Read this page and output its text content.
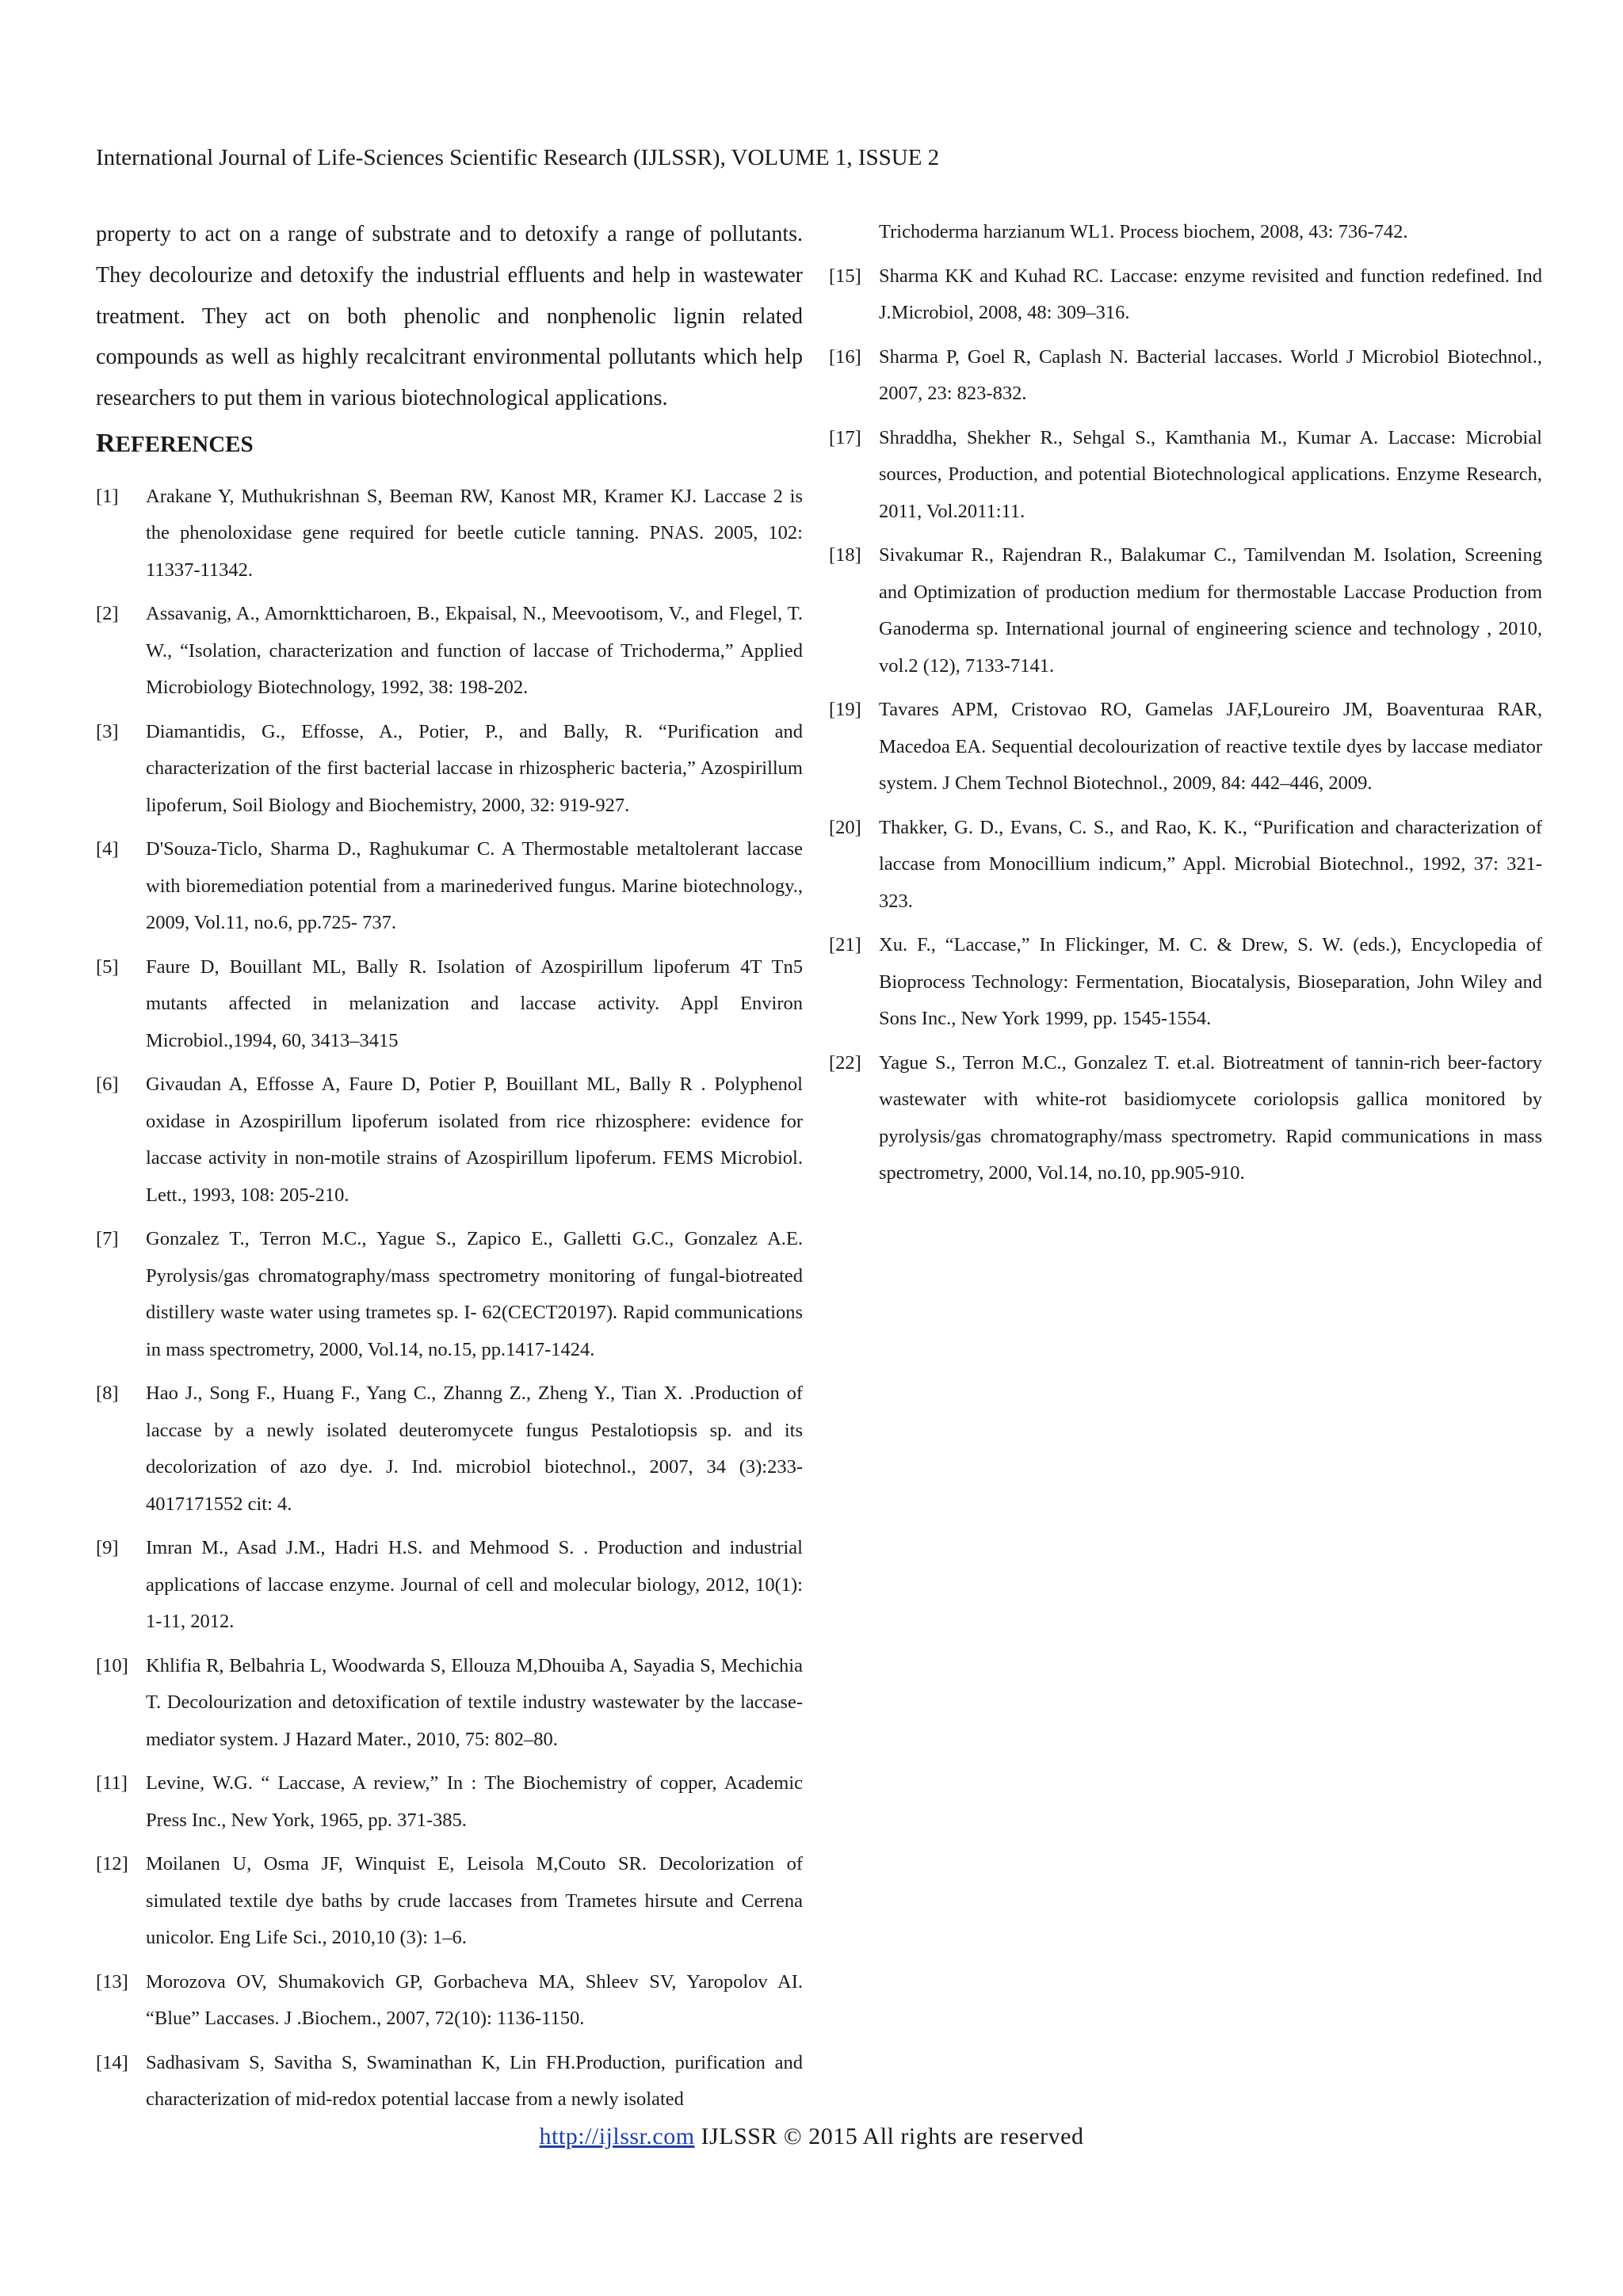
International Journal of Life-Sciences Scientific Research (IJLSSR), VOLUME 1, ISSUE 2

property to act on a range of substrate and to detoxify a range of pollutants. They decolourize and detoxify the industrial effluents and help in wastewater treatment. They act on both phenolic and nonphenolic lignin related compounds as well as highly recalcitrant environmental pollutants which help researchers to put them in various biotechnological applications.

REFERENCES
[1]	Arakane Y, Muthukrishnan S, Beeman RW, Kanost MR, Kramer KJ. Laccase 2 is the phenoloxidase gene required for beetle cuticle tanning. PNAS. 2005, 102: 11337-11342.
[2]	Assavanig, A., Amornktticharoen, B., Ekpaisal, N., Meevootisom, V., and Flegel, T. W., “Isolation, characterization and function of laccase of Trichoderma,” Applied Microbiology Biotechnology, 1992, 38: 198-202.
[3]	Diamantidis, G., Effosse, A., Potier, P., and Bally, R. “Purification and characterization of the first bacterial laccase in rhizospheric bacteria,” Azospirillum lipoferum, Soil Biology and Biochemistry, 2000, 32: 919-927.
[4]	D'Souza-Ticlo, Sharma D., Raghukumar C. A Thermostable metaltolerant laccase with bioremediation potential from a marinederived fungus. Marine biotechnology., 2009, Vol.11, no.6, pp.725- 737.
[5]	Faure D, Bouillant ML, Bally R. Isolation of Azospirillum lipoferum 4T Tn5 mutants affected in melanization and laccase activity. Appl Environ Microbiol.,1994, 60, 3413–3415
[6]	Givaudan A, Effosse A, Faure D, Potier P, Bouillant ML, Bally R . Polyphenol oxidase in Azospirillum lipoferum isolated from rice rhizosphere: evidence for laccase activity in non-motile strains of Azospirillum lipoferum. FEMS Microbiol. Lett., 1993, 108: 205-210.
[7]	Gonzalez T., Terron M.C., Yague S., Zapico E., Galletti G.C., Gonzalez A.E. Pyrolysis/gas chromatography/mass spectrometry monitoring of fungal-biotreated distillery waste water using trametes sp. I- 62(CECT20197). Rapid communications in mass spectrometry, 2000, Vol.14, no.15, pp.1417-1424.
[8]	Hao J., Song F., Huang F., Yang C., Zhanng Z., Zheng Y., Tian X. .Production of laccase by a newly isolated deuteromycete fungus Pestalotiopsis sp. and its decolorization of azo dye. J. Ind. microbiol biotechnol., 2007, 34 (3):233-4017171552 cit: 4.
[9]	Imran M., Asad J.M., Hadri H.S. and Mehmood S. . Production and industrial applications of laccase enzyme. Journal of cell and molecular biology, 2012, 10(1): 1-11, 2012.
[10] Khlifia R, Belbahria L, Woodwarda S, Ellouza M,Dhouiba A, Sayadia S, Mechichia T. Decolourization and detoxification of textile industry wastewater by the laccase-mediator system. J Hazard Mater., 2010, 75: 802–80.
[11] Levine, W.G. “ Laccase, A review,” In : The Biochemistry of copper, Academic Press Inc., New York, 1965, pp. 371-385.
[12] Moilanen U, Osma JF, Winquist E, Leisola M,Couto SR. Decolorization of simulated textile dye baths by crude laccases from Trametes hirsute and Cerrena unicolor. Eng Life Sci., 2010,10 (3): 1–6.
[13] Morozova OV, Shumakovich GP, Gorbacheva MA, Shleev SV, Yaropolov AI. “Blue” Laccases. J .Biochem., 2007, 72(10): 1136-1150.
[14] Sadhasivam S, Savitha S, Swaminathan K, Lin FH.Production, purification and characterization of mid-redox potential laccase from a newly isolated
Trichoderma harzianum WL1. Process biochem, 2008, 43: 736-742.
[15] Sharma KK and Kuhad RC. Laccase: enzyme revisited and function redefined. Ind J.Microbiol, 2008, 48: 309–316.
[16] Sharma P, Goel R, Caplash N. Bacterial laccases. World J Microbiol Biotechnol., 2007, 23: 823-832.
[17] Shraddha, Shekher R., Sehgal S., Kamthania M., Kumar A. Laccase: Microbial sources, Production, and potential Biotechnological applications. Enzyme Research, 2011, Vol.2011:11.
[18] Sivakumar R., Rajendran R., Balakumar C., Tamilvendan M. Isolation, Screening and Optimization of production medium for thermostable Laccase Production from Ganoderma sp. International journal of engineering science and technology , 2010, vol.2 (12), 7133-7141.
[19] Tavares APM, Cristovao RO, Gamelas JAF,Loureiro JM, Boaventuraa RAR, Macedoa EA. Sequential decolourization of reactive textile dyes by laccase mediator system. J Chem Technol Biotechnol., 2009, 84: 442–446, 2009.
[20] Thakker, G. D., Evans, C. S., and Rao, K. K., “Purification and characterization of laccase from Monocillium indicum,” Appl. Microbial Biotechnol., 1992, 37: 321-323.
[21] Xu. F., “Laccase,” In Flickinger, M. C. & Drew, S. W. (eds.), Encyclopedia of Bioprocess Technology: Fermentation, Biocatalysis, Bioseparation, John Wiley and Sons Inc., New York 1999, pp. 1545-1554.
[22] Yague S., Terron M.C., Gonzalez T. et.al. Biotreatment of tannin-rich beer-factory wastewater with white-rot basidiomycete coriolopsis gallica monitored by pyrolysis/gas chromatography/mass spectrometry. Rapid communications in mass spectrometry, 2000, Vol.14, no.10, pp.905-910.
http://ijlssr.com IJLSSR © 2015 All rights are reserved
